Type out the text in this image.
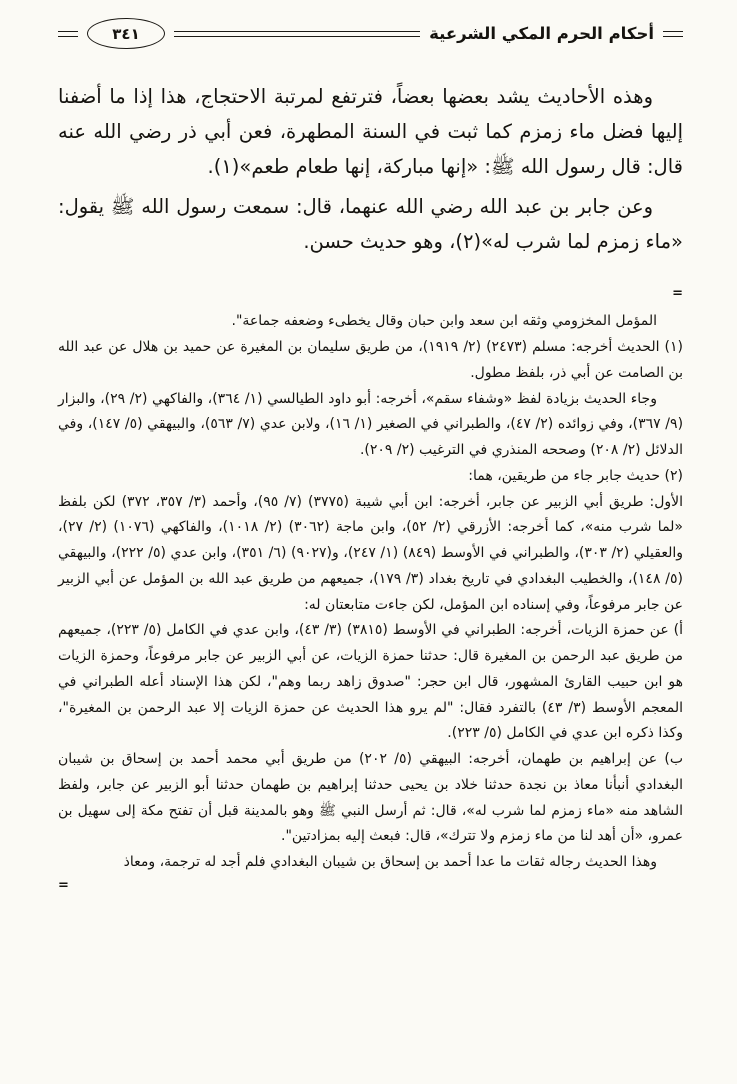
أحكام الحرم المكي الشرعية
٣٤١

وهذه الأحاديث يشد بعضها بعضاً، فترتفع لمرتبة الاحتجاج، هذا إذا ما أضفنا إليها فضل ماء زمزم كما ثبت في السنة المطهرة، فعن أبي ذر رضي الله عنه قال: قال رسول الله ﷺ: «إنها مباركة، إنها طعام طعم»(١).

وعن جابر بن عبد الله رضي الله عنهما، قال: سمعت رسول الله ﷺ يقول: «ماء زمزم لما شرب له»(٢)، وهو حديث حسن.

=

المؤمل المخزومي وثقه ابن سعد وابن حبان وقال يخطىء وضعفه جماعة".

(١) الحديث أخرجه: مسلم (٢٤٧٣) (٢/ ١٩١٩)، من طريق سليمان بن المغيرة عن حميد بن هلال عن عبد الله بن الصامت عن أبي ذر، بلفظ مطول.

وجاء الحديث بزيادة لفظ «وشفاء سقم»، أخرجه: أبو داود الطيالسي (١/ ٣٦٤)، والفاكهي (٢/ ٢٩)، والبزار (٩/ ٣٦٧)، وفي زوائده (٢/ ٤٧)، والطبراني في الصغير (١/ ١٦)، ولابن عدي (٧/ ٥٦٣)، والبيهقي (٥/ ١٤٧)، وفي الدلائل (٢/ ٢٠٨) وصححه المنذري في الترغيب (٢/ ٢٠٩).

(٢) حديث جابر جاء من طريقين، هما:

الأول: طريق أبي الزبير عن جابر، أخرجه: ابن أبي شيبة (٣٧٧٥) (٧/ ٩٥)، وأحمد (٣/ ٣٥٧، ٣٧٢) لكن بلفظ «لما شرب منه»، كما أخرجه: الأزرقي (٢/ ٥٢)، وابن ماجة (٣٠٦٢) (٢/ ١٠١٨)، والفاكهي (١٠٧٦) (٢/ ٢٧)، والعقيلي (٢/ ٣٠٣)، والطبراني في الأوسط (٨٤٩) (١/ ٢٤٧)، و(٩٠٢٧) (٦/ ٣٥١)، وابن عدي (٥/ ٢٢٢)، والبيهقي (٥/ ١٤٨)، والخطيب البغدادي في تاريخ بغداد (٣/ ١٧٩)، جميعهم من طريق عبد الله بن المؤمل عن أبي الزبير عن جابر مرفوعاً، وفي إسناده ابن المؤمل، لكن جاءت متابعتان له:

أ) عن حمزة الزيات، أخرجه: الطبراني في الأوسط (٣٨١٥) (٣/ ٤٣)، وابن عدي في الكامل (٥/ ٢٢٣)، جميعهم من طريق عبد الرحمن بن المغيرة قال: حدثنا حمزة الزيات، عن أبي الزبير عن جابر مرفوعاً، وحمزة الزيات هو ابن حبيب القارئ المشهور، قال ابن حجر: "صدوق زاهد ربما وهم"، لكن هذا الإسناد أعله الطبراني في المعجم الأوسط (٣/ ٤٣) بالتفرد فقال: "لم يرو هذا الحديث عن حمزة الزيات إلا عبد الرحمن بن المغيرة"، وكذا ذكره ابن عدي في الكامل (٥/ ٢٢٣).

ب) عن إبراهيم بن طهمان، أخرجه: البيهقي (٥/ ٢٠٢) من طريق أبي محمد أحمد بن إسحاق بن شيبان البغدادي أنبأنا معاذ بن نجدة حدثنا خلاد بن يحيى حدثنا إبراهيم بن طهمان حدثنا أبو الزبير عن جابر، ولفظ الشاهد منه «ماء زمزم لما شرب له»، قال: ثم أرسل النبي ﷺ وهو بالمدينة قبل أن تفتح مكة إلى سهيل بن عمرو، «أن أهد لنا من ماء زمزم ولا تترك»، قال: فبعث إليه بمزادتين".

وهذا الحديث رجاله ثقات ما عدا أحمد بن إسحاق بن شيبان البغدادي فلم أجد له ترجمة، ومعاذ

=
